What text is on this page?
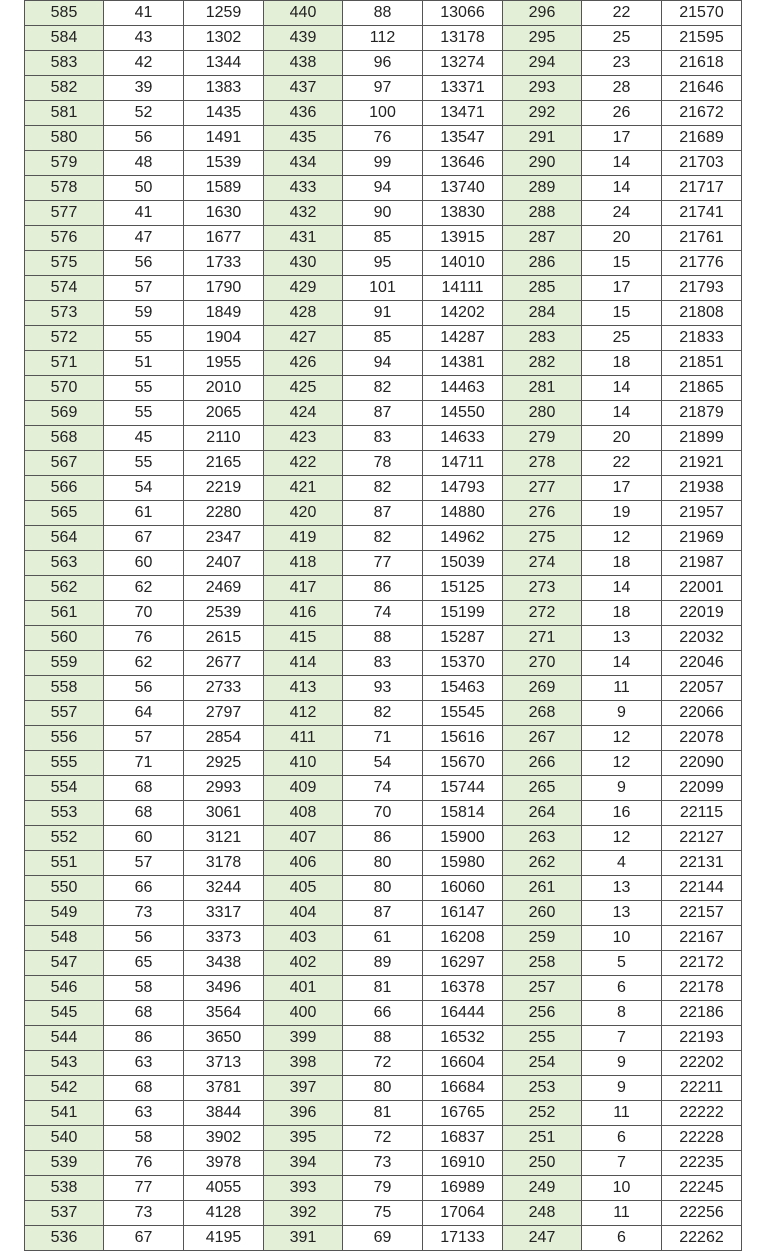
585	41	1259	440	88	13066	296	22	21570
584	43	1302	439	112	13178	295	25	21595
583	42	1344	438	96	13274	294	23	21618
582	39	1383	437	97	13371	293	28	21646
581	52	1435	436	100	13471	292	26	21672
580	56	1491	435	76	13547	291	17	21689
579	48	1539	434	99	13646	290	14	21703
578	50	1589	433	94	13740	289	14	21717
577	41	1630	432	90	13830	288	24	21741
576	47	1677	431	85	13915	287	20	21761
575	56	1733	430	95	14010	286	15	21776
574	57	1790	429	101	14111	285	17	21793
573	59	1849	428	91	14202	284	15	21808
572	55	1904	427	85	14287	283	25	21833
571	51	1955	426	94	14381	282	18	21851
570	55	2010	425	82	14463	281	14	21865
569	55	2065	424	87	14550	280	14	21879
568	45	2110	423	83	14633	279	20	21899
567	55	2165	422	78	14711	278	22	21921
566	54	2219	421	82	14793	277	17	21938
565	61	2280	420	87	14880	276	19	21957
564	67	2347	419	82	14962	275	12	21969
563	60	2407	418	77	15039	274	18	21987
562	62	2469	417	86	15125	273	14	22001
561	70	2539	416	74	15199	272	18	22019
560	76	2615	415	88	15287	271	13	22032
559	62	2677	414	83	15370	270	14	22046
558	56	2733	413	93	15463	269	11	22057
557	64	2797	412	82	15545	268	9	22066
556	57	2854	411	71	15616	267	12	22078
555	71	2925	410	54	15670	266	12	22090
554	68	2993	409	74	15744	265	9	22099
553	68	3061	408	70	15814	264	16	22115
552	60	3121	407	86	15900	263	12	22127
551	57	3178	406	80	15980	262	4	22131
550	66	3244	405	80	16060	261	13	22144
549	73	3317	404	87	16147	260	13	22157
548	56	3373	403	61	16208	259	10	22167
547	65	3438	402	89	16297	258	5	22172
546	58	3496	401	81	16378	257	6	22178
545	68	3564	400	66	16444	256	8	22186
544	86	3650	399	88	16532	255	7	22193
543	63	3713	398	72	16604	254	9	22202
542	68	3781	397	80	16684	253	9	22211
541	63	3844	396	81	16765	252	11	22222
540	58	3902	395	72	16837	251	6	22228
539	76	3978	394	73	16910	250	7	22235
538	77	4055	393	79	16989	249	10	22245
537	73	4128	392	75	17064	248	11	22256
536	67	4195	391	69	17133	247	6	22262
